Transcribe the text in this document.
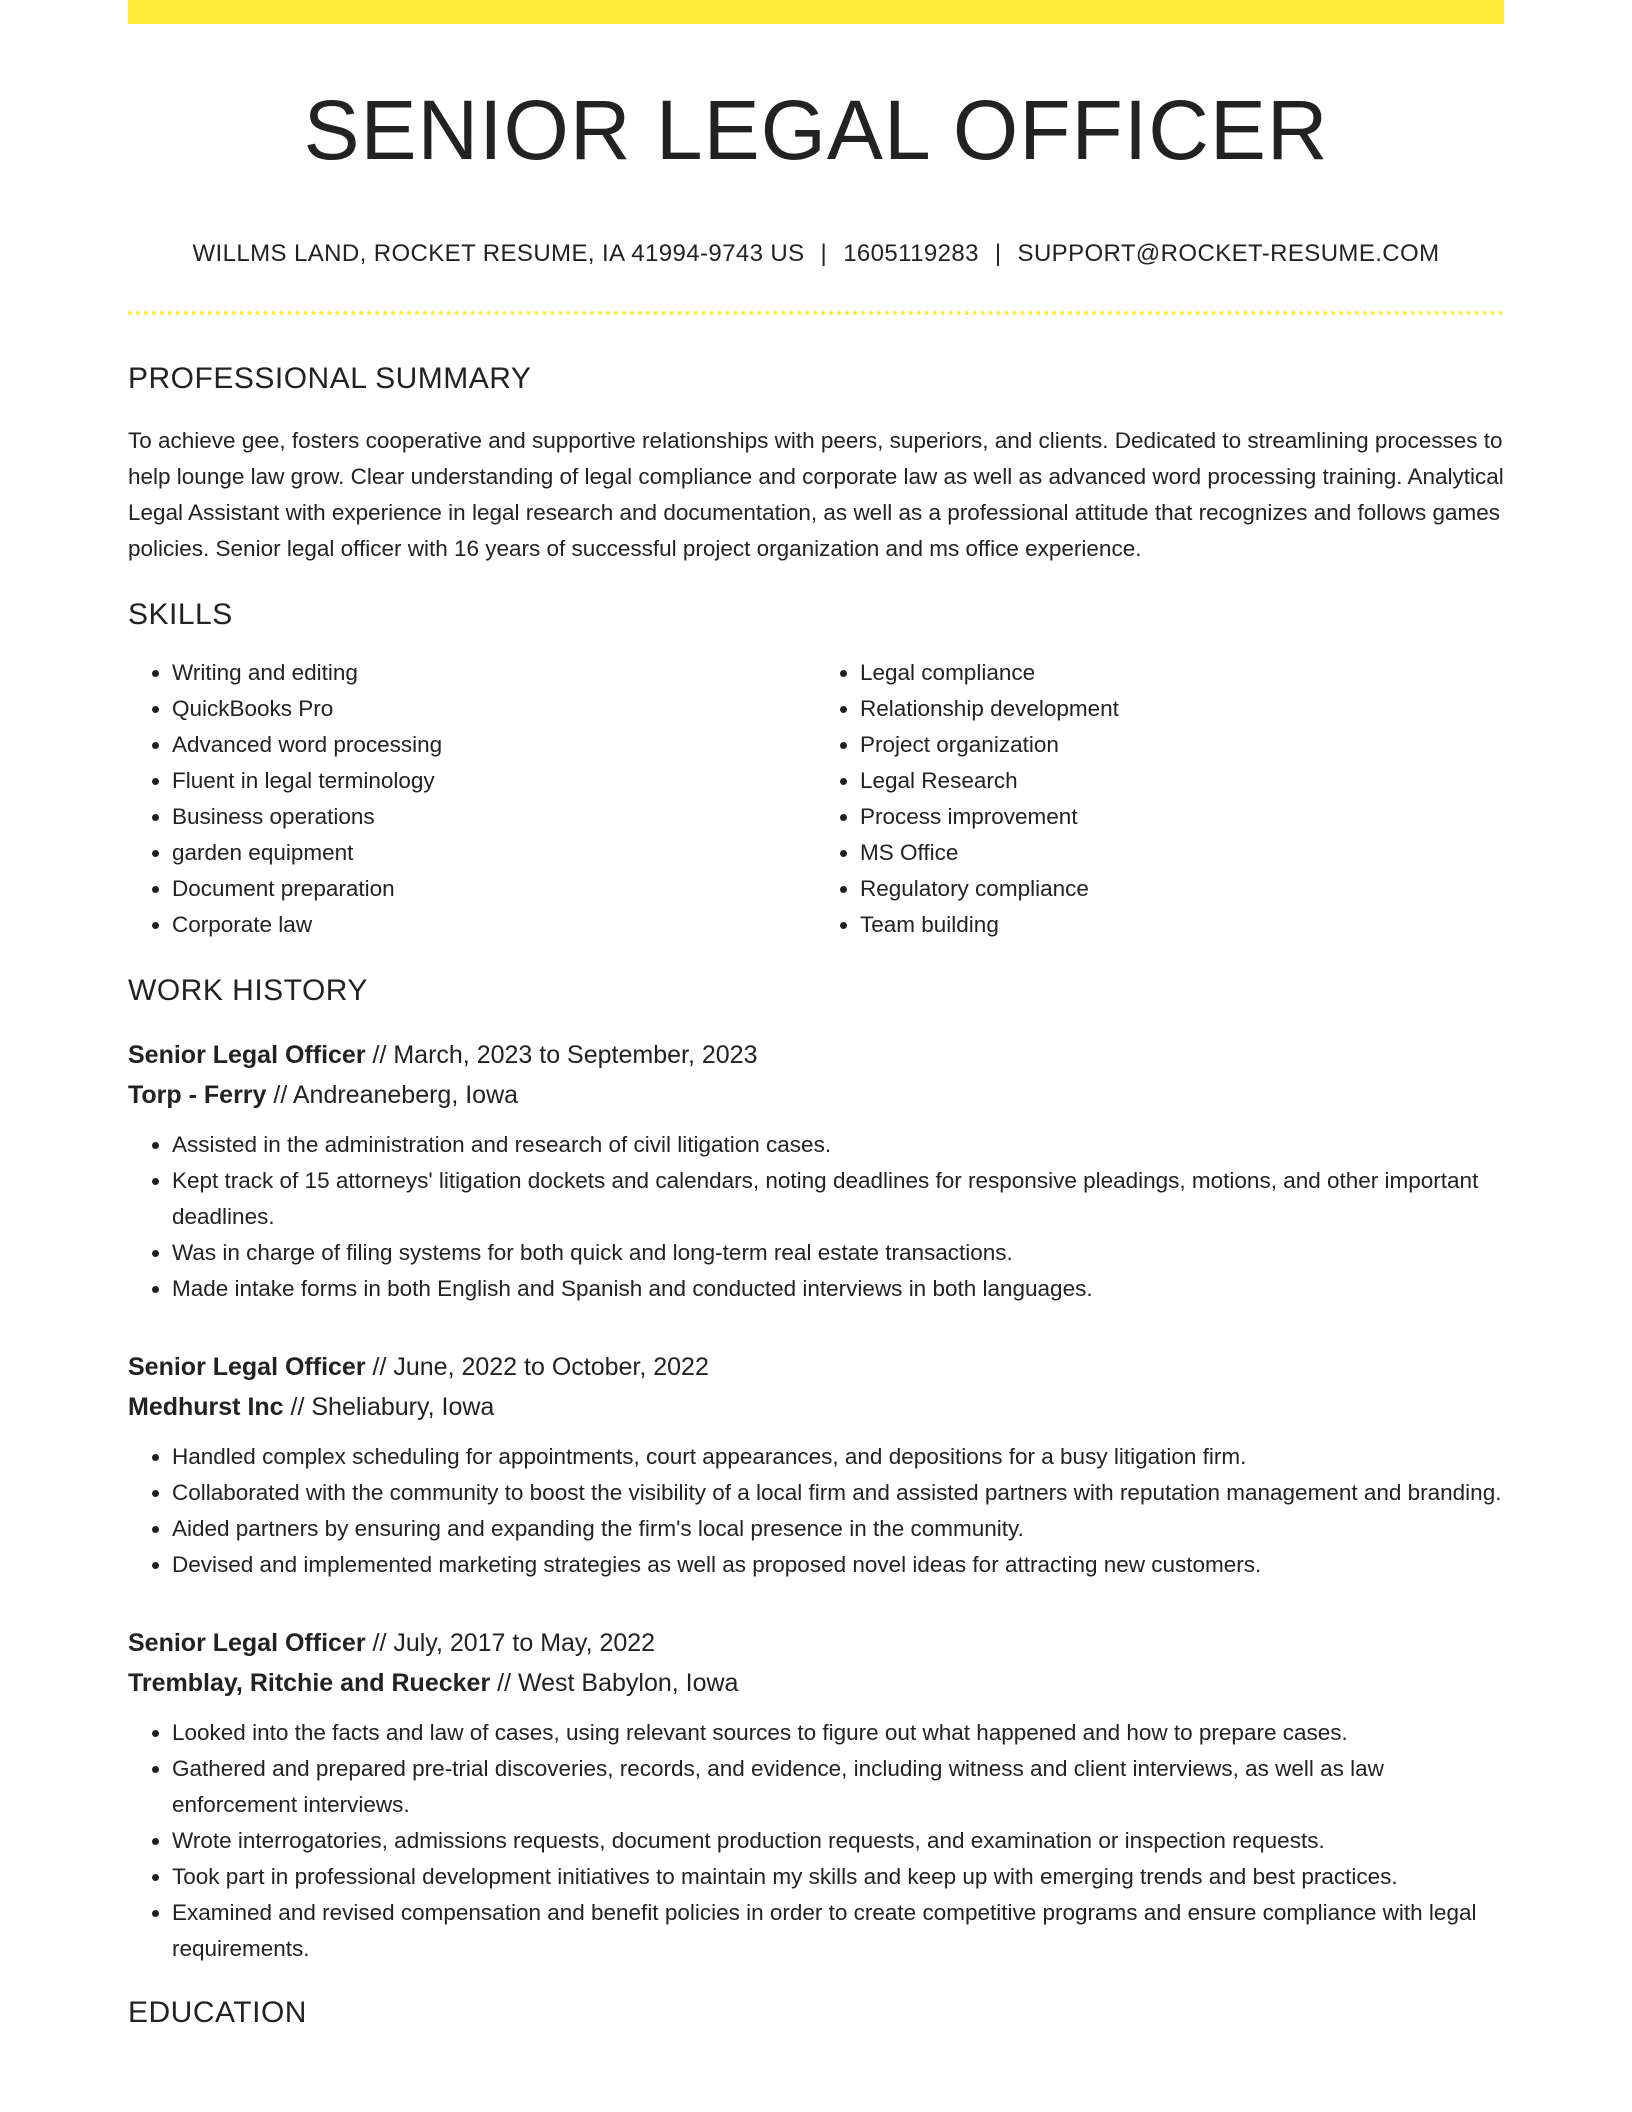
SENIOR LEGAL OFFICER
WILLMS LAND, ROCKET RESUME, IA 41994-9743 US | 1605119283 | SUPPORT@ROCKET-RESUME.COM
PROFESSIONAL SUMMARY

To achieve gee, fosters cooperative and supportive relationships with peers, superiors, and clients. Dedicated to streamlining processes to help lounge law grow. Clear understanding of legal compliance and corporate law as well as advanced word processing training. Analytical Legal Assistant with experience in legal research and documentation, as well as a professional attitude that recognizes and follows games policies. Senior legal officer with 16 years of successful project organization and ms office experience.

SKILLS
• Writing and editing
• QuickBooks Pro
• Advanced word processing
• Fluent in legal terminology
• Business operations
• garden equipment
• Document preparation
• Corporate law
• Legal compliance
• Relationship development
• Project organization
• Legal Research
• Process improvement
• MS Office
• Regulatory compliance
• Team building
WORK HISTORY
Senior Legal Officer // March, 2023 to September, 2023
Torp - Ferry // Andreaneberg, Iowa
• Assisted in the administration and research of civil litigation cases.
• Kept track of 15 attorneys' litigation dockets and calendars, noting deadlines for responsive pleadings, motions, and other important deadlines.
• Was in charge of filing systems for both quick and long-term real estate transactions.
• Made intake forms in both English and Spanish and conducted interviews in both languages.
Senior Legal Officer // June, 2022 to October, 2022
Medhurst Inc // Sheliabury, Iowa
• Handled complex scheduling for appointments, court appearances, and depositions for a busy litigation firm.
• Collaborated with the community to boost the visibility of a local firm and assisted partners with reputation management and branding.
• Aided partners by ensuring and expanding the firm's local presence in the community.
• Devised and implemented marketing strategies as well as proposed novel ideas for attracting new customers.
Senior Legal Officer // July, 2017 to May, 2022
Tremblay, Ritchie and Ruecker // West Babylon, Iowa
• Looked into the facts and law of cases, using relevant sources to figure out what happened and how to prepare cases.
• Gathered and prepared pre-trial discoveries, records, and evidence, including witness and client interviews, as well as law enforcement interviews.
• Wrote interrogatories, admissions requests, document production requests, and examination or inspection requests.
• Took part in professional development initiatives to maintain my skills and keep up with emerging trends and best practices.
• Examined and revised compensation and benefit policies in order to create competitive programs and ensure compliance with legal requirements.
EDUCATION
